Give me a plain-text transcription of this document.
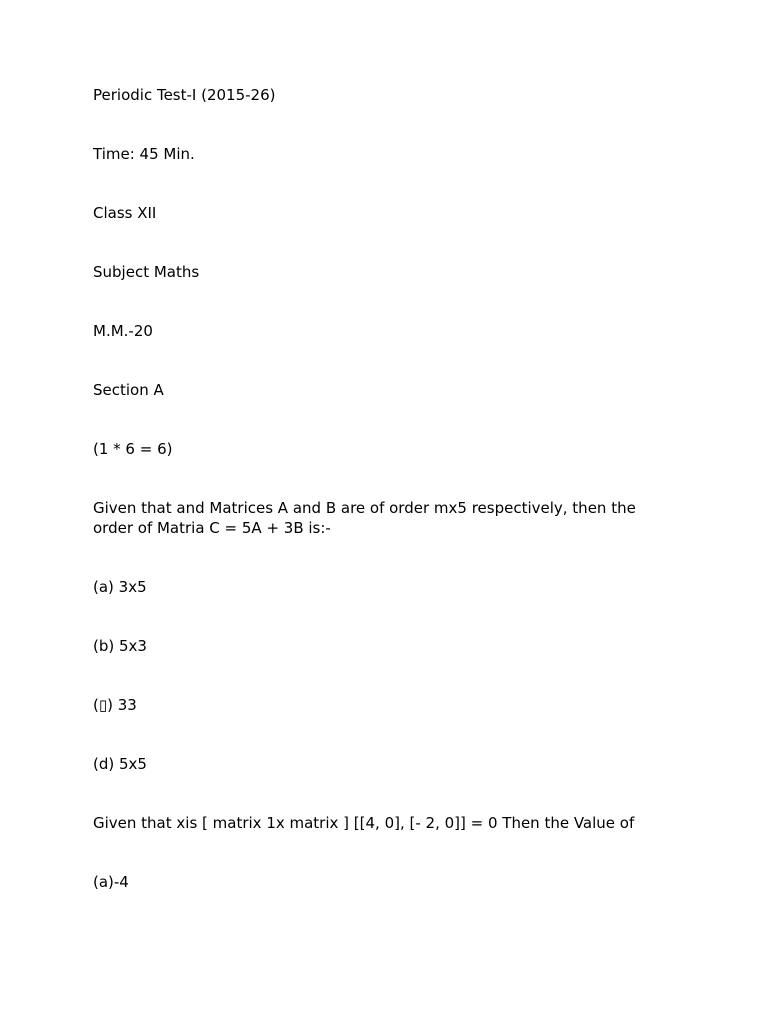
Periodic Test-I (2015-26)

Time: 45 Min.

Class XII

Subject Maths

M.M.-20

Section A

(1 * 6 = 6)

Given that and Matrices A and B are of order mx5 respectively, then the order of Matria C = 5A + 3B is:-

(a) 3x5

(b) 5x3

(▯) 33

(d) 5x5

Given that xis [ matrix 1x matrix ] [[4, 0], [- 2, 0]] = 0 Then the Value of

(a)-4
